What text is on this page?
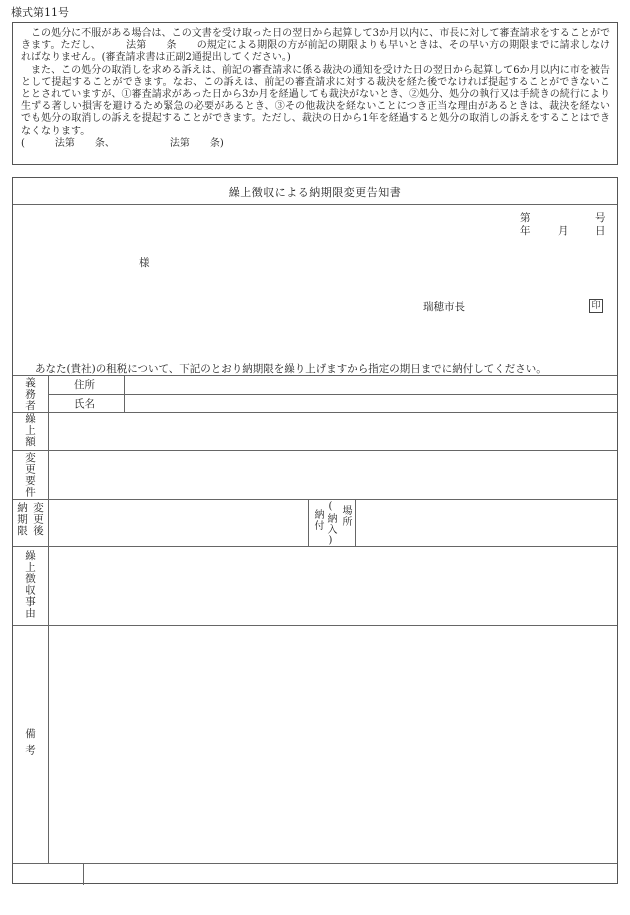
様式第11号

この処分に不服がある場合は、この文書を受け取った日の翌日から起算して3か月以内に、市長に対して審査請求をすることができます。ただし、　　　法第　　条　　の規定による期限の方が前記の期限よりも早いときは、その早い方の期限までに請求しなければなりません。(審査請求書は正副2通提出してください。)

また、この処分の取消しを求める訴えは、前記の審査請求に係る裁決の通知を受けた日の翌日から起算して6か月以内に市を被告として提起することができます。なお、この訴えは、前記の審査請求に対する裁決を経た後でなければ提起することができないこととされていますが、①審査請求があった日から3か月を経過しても裁決がないとき、②処分、処分の執行又は手続きの続行により生ずる著しい損害を避けるため緊急の必要があるとき、③その他裁決を経ないことにつき正当な理由があるときは、裁決を経ないでも処分の取消しの訴えを提起することができます。ただし、裁決の日から1年を経過すると処分の取消しの訴えをすることはできなくなります。

(　　　法第　　条、　　　　　　法第　　条)

繰上徴収による納期限変更告知書
第	号
年	月	日
様
瑞穂市長	印
あなた(貴社)の租税について、下記のとおり納期限を繰り上げますから指定の期日までに納付してください。
義務者	住所
氏名
繰上額
変更要件
納期限 変更後	納付 (納入) 場所
繰上徴収事由
備考
